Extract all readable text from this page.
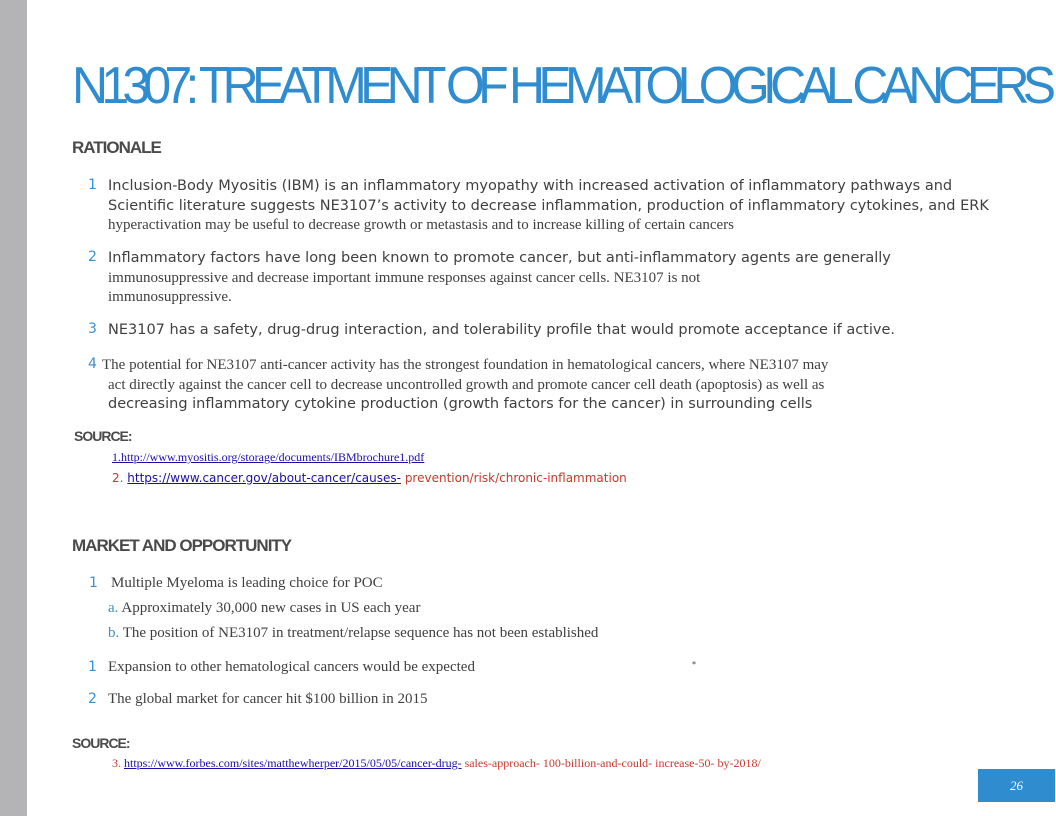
N1307: TREATMENT OF HEMATOLOGICAL CANCERS
RATIONALE
1 Inclusion-Body Myositis (IBM) is an inflammatory myopathy with increased activation of inflammatory pathways and
Scientific literature suggests NE3107’s activity to decrease inflammation, production of inflammatory cytokines, and ERK
hyperactivation may be useful to decrease growth or metastasis and to increase killing of certain cancers
2 Inflammatory factors have long been known to promote cancer, but anti-inflammatory agents are generally
immunosuppressive and decrease important immune responses against cancer cells. NE3107 is not
immunosuppressive.
3 NE3107 has a safety, drug-drug interaction, and tolerability profile that would promote acceptance if active.
4 The potential for NE3107 anti-cancer activity has the strongest foundation in hematological cancers, where NE3107 may
act directly against the cancer cell to decrease uncontrolled growth and promote cancer cell death (apoptosis) as well as
decreasing inflammatory cytokine production (growth factors for the cancer) in surrounding cells
SOURCE:
1.http://www.myositis.org/storage/documents/IBMbrochure1.pdf
2. https://www.cancer.gov/about-cancer/causes- prevention/risk/chronic-inflammation
MARKET AND OPPORTUNITY
1 Multiple Myeloma is leading choice for POC
a. Approximately 30,000 new cases in US each year
b. The position of NE3107 in treatment/relapse sequence has not been established
1 Expansion to other hematological cancers would be expected	*
2 The global market for cancer hit $100 billion in 2015
SOURCE:
3. https://www.forbes.com/sites/matthewherper/2015/05/05/cancer-drug- sales-approach- 100-billion-and-could- increase-50- by-2018/
26
